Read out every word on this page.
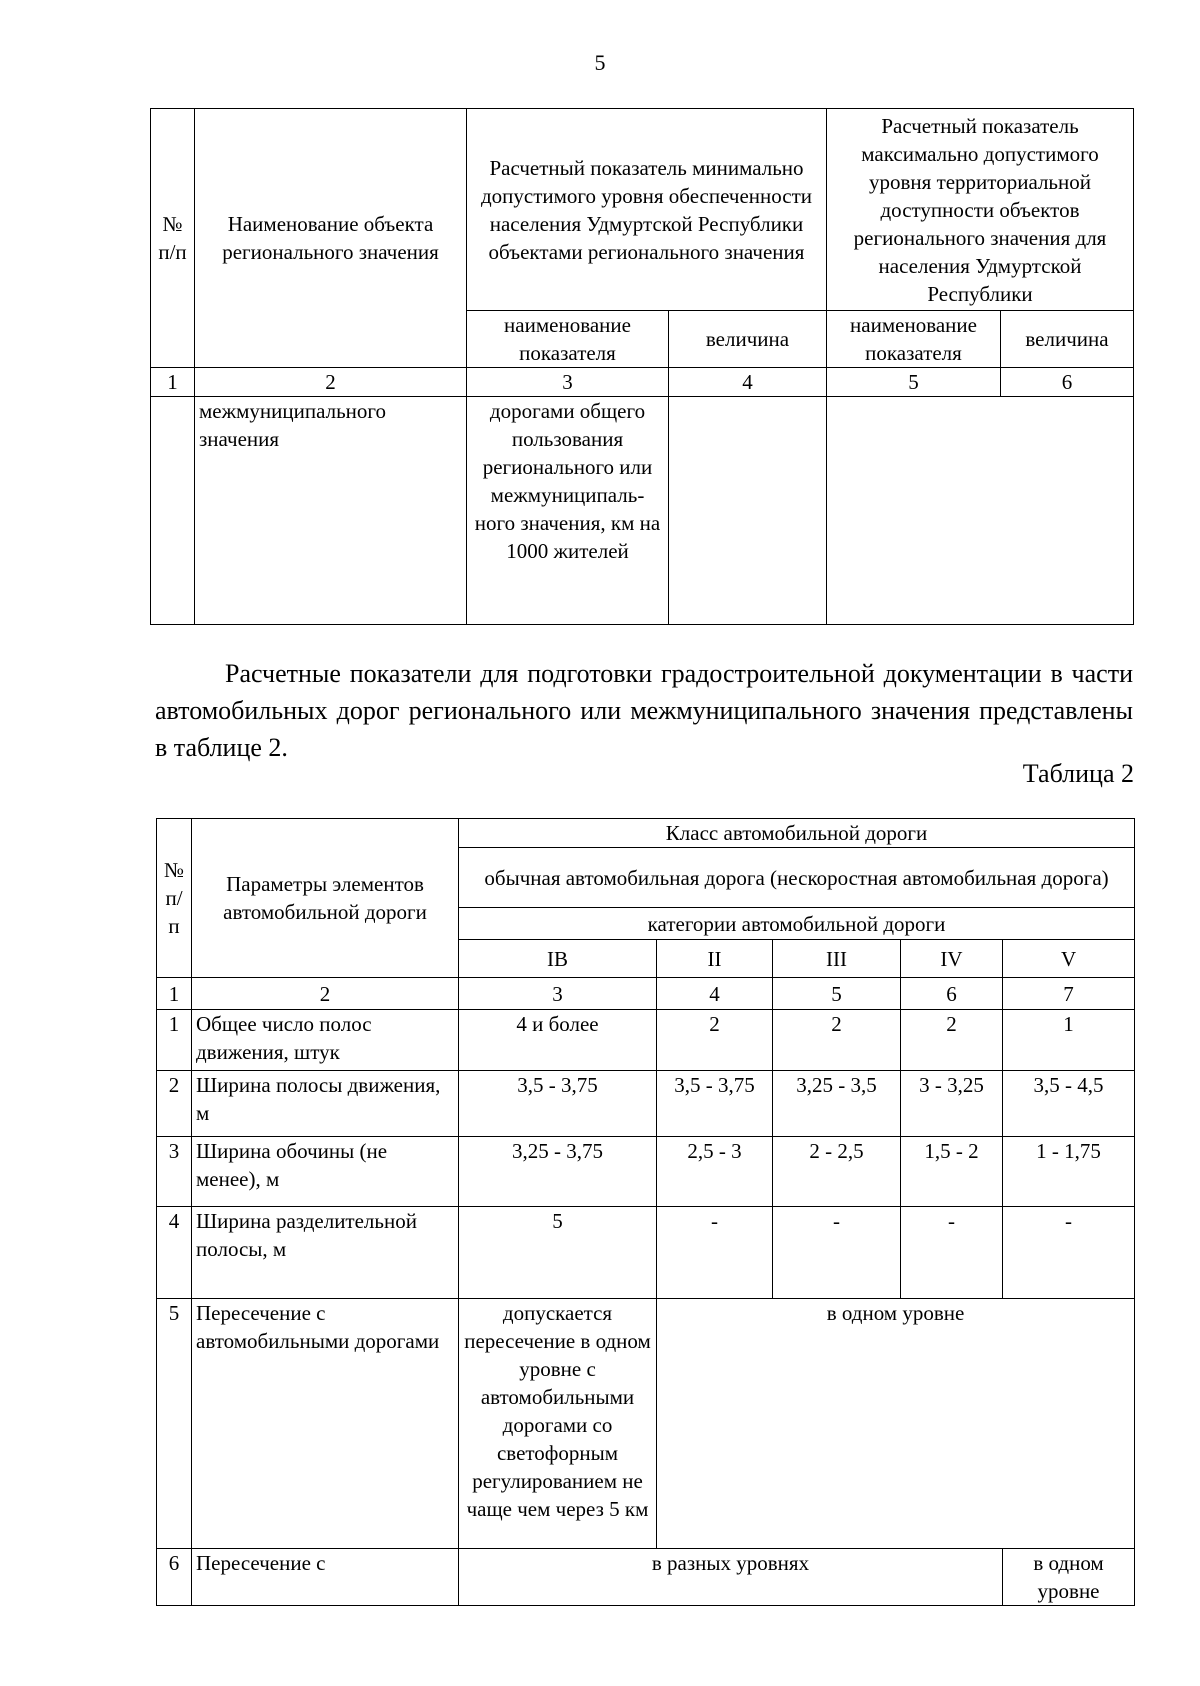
5
№ п/п	Наименование объекта регионального значения	Расчетный показатель минимально допустимого уровня обеспеченности населения Удмуртской Республики объектами регионального значения		Расчетный показатель максимально допустимого уровня территориальной доступности объектов регионального значения для населения Удмуртской Республики	
		наименование показателя	величина	наименование показателя	величина
1	2	3	4	5	6
	межмуниципального значения	дорогами общего пользования регионального или межмуниципаль-ного значения, км на 1000 жителей			
Расчетные показатели для подготовки градостроительной документации в части автомобильных дорог регионального или межмуниципального значения представлены в таблице 2.
Таблица 2
№ п/п	Параметры элементов автомобильной дороги	Класс автомобильной дороги				
		обычная автомобильная дорога (нескоростная автомобильная дорога)				
		категории автомобильной дороги				
		IB	II	III	IV	V
1	2	3	4	5	6	7
1	Общее число полос движения, штук	4 и более	2	2	2	1
2	Ширина полосы движения, м	3,5 - 3,75	3,5 - 3,75	3,25 - 3,5	3 - 3,25	3,5 - 4,5
3	Ширина обочины (не менее), м	3,25 - 3,75	2,5 - 3	2 - 2,5	1,5 - 2	1 - 1,75
4	Ширина разделительной полосы, м	5	-	-	-	-
5	Пересечение с автомобильными дорогами	допускается пересечение в одном уровне с автомобильными дорогами со светофорным регулированием не чаще чем через 5 км	в одном уровне			
6	Пересечение с	в разных уровнях				в одном уровне
